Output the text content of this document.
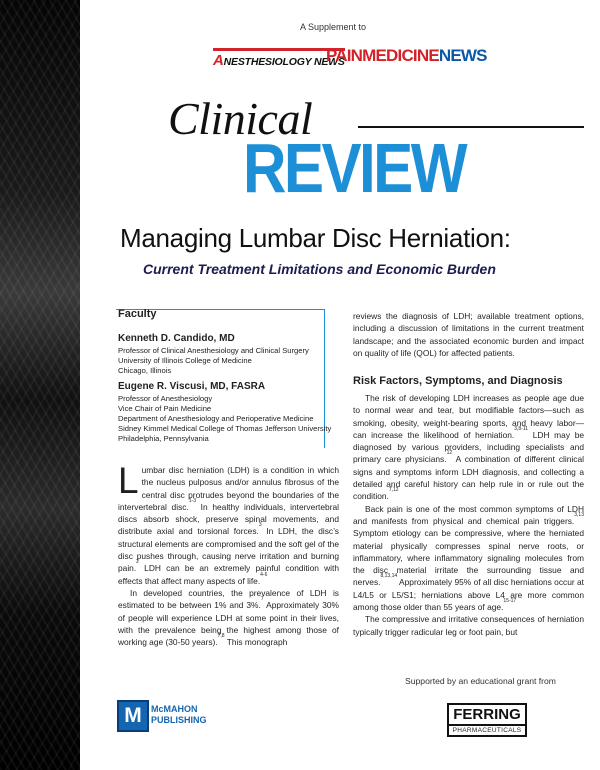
A Supplement to
ANESTHESIOLOGY NEWS
PAINMEDICINENEWS
Clinical
REVIEW
Managing Lumbar Disc Herniation:
Current Treatment Limitations and Economic Burden
Faculty
Kenneth D. Candido, MD
Professor of Clinical Anesthesiology and Clinical Surgery
University of Illinois College of Medicine
Chicago, Illinois
Eugene R. Viscusi, MD, FASRA
Professor of Anesthesiology
Vice Chair of Pain Medicine
Department of Anesthesiology and Perioperative Medicine
Sidney Kimmel Medical College of Thomas Jefferson University
Philadelphia, Pennsylvania

Lumbar disc herniation (LDH) is a condition in which the nucleus pulposus and/or annulus fibrosus of the central disc protrudes beyond the boundaries of the intervertebral disc.$^{1-3}$ In healthy individuals, intervertebral discs absorb shock, preserve spinal movements, and distribute axial and torsional forces.$^3$ In LDH, the disc’s structural elements are compromised and the soft gel of the disc pushes through, causing nerve irritation and burning pain.$^2$ LDH can be an extremely painful condition with effects that affect many aspects of life.$^{4-6}$

In developed countries, the prevalence of LDH is estimated to be between 1% and 3%.$^7$ Approximately 30% of people will experience LDH at some point in their lives, with the prevalence being the highest among those of working age (30-50 years).$^{7,8}$ This monograph

reviews the diagnosis of LDH; available treatment options, including a discussion of limitations in the current treatment landscape; and the associated economic burden and impact on quality of life (QOL) for affected patients.

Risk Factors, Symptoms, and Diagnosis

The risk of developing LDH increases as people age due to normal wear and tear, but modifiable factors—such as smoking, obesity, weight-bearing sports, and heavy labor—can increase the likelihood of herniation.$^{3,8-11}$ LDH may be diagnosed by various providers, including specialists and primary care physicians.$^{12}$ A combination of different clinical signs and symptoms inform LDH diagnosis, and collecting a detailed and careful history can help rule in or rule out the condition.$^{7,12}$

Back pain is one of the most common symptoms of LDH and manifests from physical and chemical pain triggers.$^{3,13}$ Symptom etiology can be compressive, where the herniated material physically compresses spinal nerve roots, or inflammatory, where inflammatory signaling molecules from the disc material irritate the surrounding tissue and nerves.$^{8,13,14}$ Approximately 95% of all disc herniations occur at L4/L5 or L5/S1; herniations above L4 are more common among those older than 55 years of age.$^{15-17}$

The compressive and irritative consequences of herniation typically trigger radicular leg or foot pain, but

Supported by an educational grant from
M	McMAHON
PUBLISHING	FERRING
PHARMACEUTICALS
